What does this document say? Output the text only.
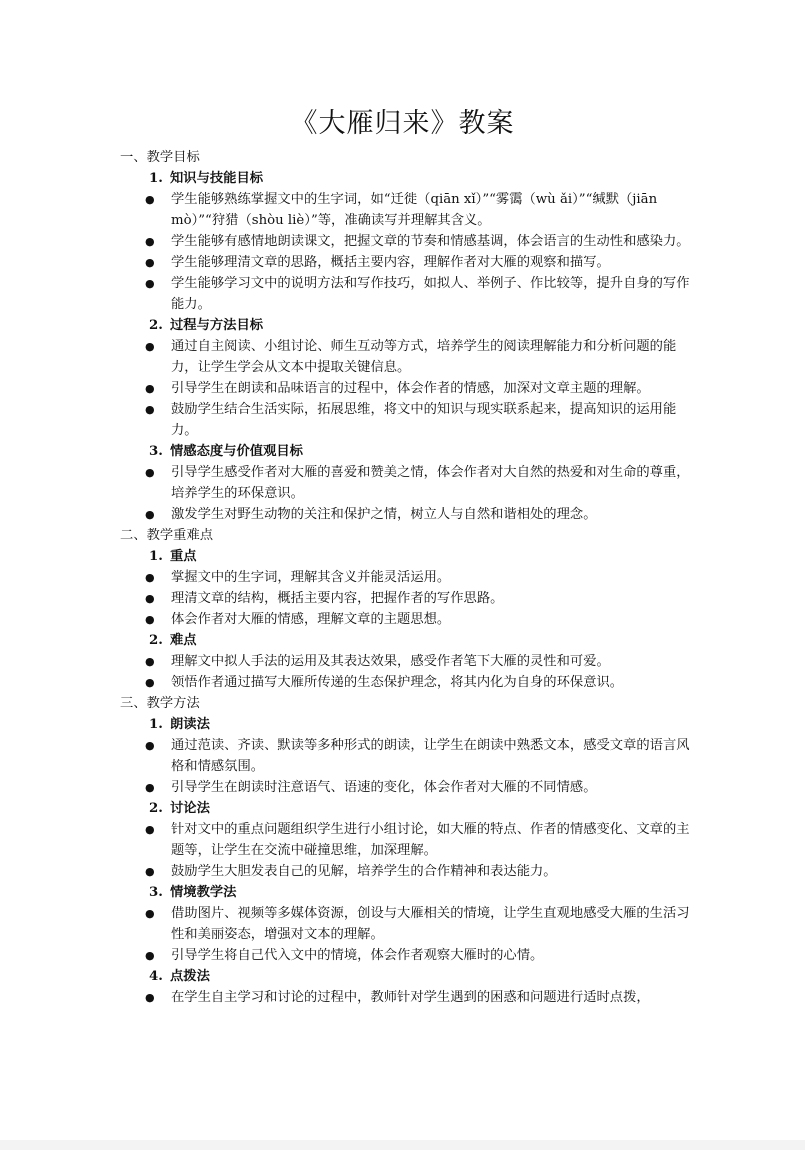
《大雁归来》教案
一、教学目标
1. 知识与技能目标
● 学生能够熟练掌握文中的生字词，如“迁徙（qiān xǐ）”“雾霭（wù ǎi）”“缄默（jiān mò）”“狩猎（shòu liè）”等，准确读写并理解其含义。
● 学生能够有感情地朗读课文，把握文章的节奏和情感基调，体会语言的生动性和感染力。
● 学生能够理清文章的思路，概括主要内容，理解作者对大雁的观察和描写。
● 学生能够学习文中的说明方法和写作技巧，如拟人、举例子、作比较等，提升自身的写作能力。
2. 过程与方法目标
● 通过自主阅读、小组讨论、师生互动等方式，培养学生的阅读理解能力和分析问题的能力，让学生学会从文本中提取关键信息。
● 引导学生在朗读和品味语言的过程中，体会作者的情感，加深对文章主题的理解。
● 鼓励学生结合生活实际，拓展思维，将文中的知识与现实联系起来，提高知识的运用能力。
3. 情感态度与价值观目标
● 引导学生感受作者对大雁的喜爱和赞美之情，体会作者对大自然的热爱和对生命的尊重，培养学生的环保意识。
● 激发学生对野生动物的关注和保护之情，树立人与自然和谐相处的理念。
二、教学重难点
1. 重点
● 掌握文中的生字词，理解其含义并能灵活运用。
● 理清文章的结构，概括主要内容，把握作者的写作思路。
● 体会作者对大雁的情感，理解文章的主题思想。
2. 难点
● 理解文中拟人手法的运用及其表达效果，感受作者笔下大雁的灵性和可爱。
● 领悟作者通过描写大雁所传递的生态保护理念，将其内化为自身的环保意识。
三、教学方法
1. 朗读法
● 通过范读、齐读、默读等多种形式的朗读，让学生在朗读中熟悉文本，感受文章的语言风格和情感氛围。
● 引导学生在朗读时注意语气、语速的变化，体会作者对大雁的不同情感。
2. 讨论法
● 针对文中的重点问题组织学生进行小组讨论，如大雁的特点、作者的情感变化、文章的主题等，让学生在交流中碰撞思维，加深理解。
● 鼓励学生大胆发表自己的见解，培养学生的合作精神和表达能力。
3. 情境教学法
● 借助图片、视频等多媒体资源，创设与大雁相关的情境，让学生直观地感受大雁的生活习性和美丽姿态，增强对文本的理解。
● 引导学生将自己代入文中的情境，体会作者观察大雁时的心情。
4. 点拨法
● 在学生自主学习和讨论的过程中，教师针对学生遇到的困惑和问题进行适时点拨，
